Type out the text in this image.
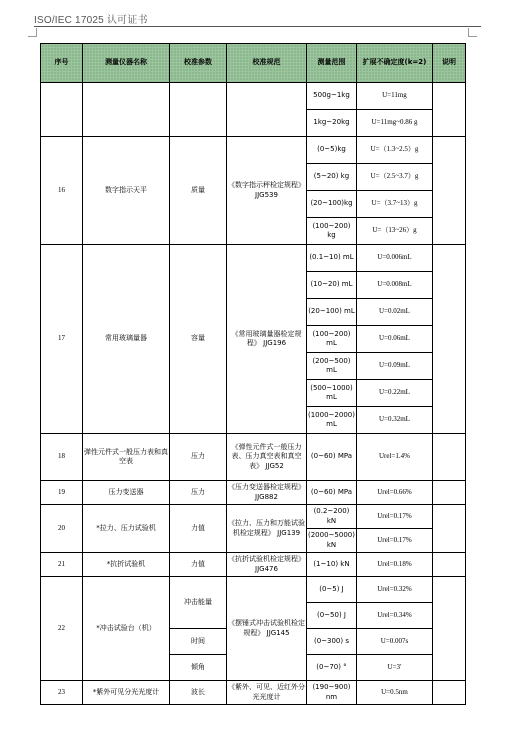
ISO/IEC 17025 认可证书
序号	测量仪器名称	校准参数	校准规范	测量范围	扩展不确定度(k=2)	说明
				500g~1kg	U=11mg	
				1kg~20kg	U=11mg~0.86 g	
16	数字指示天平	质量	《数字指示秤检定规程》 JJG539	(0~5)kg	U=（1.3~2.5）g	
				(5~20) kg	U=（2.5~3.7）g	
				(20~100)kg	U=（3.7~13）g	
				(100~200) kg	U=（13~26）g	
17	常用玻璃量器	容量	《常用玻璃量器检定规程》 JJG196	(0.1~10) mL	U=0.006mL	
				(10~20) mL	U=0.008mL	
				(20~100) mL	U=0.02mL	
				(100~200) mL	U=0.06mL	
				(200~500) mL	U=0.09mL	
				(500~1000) mL	U=0.22mL	
				(1000~2000) mL	U=0.32mL	
18	弹性元件式一般压力表和真空表	压力	《弹性元件式一般压力表、压力真空表和真空表》 JJG52	(0~60) MPa	Urel=1.4%	
19	压力变送器	压力	《压力变送器检定规程》 JJG882	(0~60) MPa	Urel=0.66%	
20	*拉力、压力试验机	力值	《拉力、压力和万能试验机检定规程》 JJG139	(0.2~200) kN	Urel=0.17%	
				(2000~5000) kN	Urel=0.17%	
21	*抗折试验机	力值	《抗折试验机检定规程》 JJG476	(1~10) kN	Urel=0.18%	
22	*冲击试验台（机）	冲击能量	《摆锤式冲击试验机检定规程》 JJG145	(0~5) J	Urel=0.32%	
				(0~50) J	Urel=0.34%	
		时间		(0~300) s	U=0.007s	
		倾角		(0~70) °	U=3′	
23	*紫外可见分光光度计	波长	《紫外、可见、近红外分光光度计	(190~900) nm	U=0.5nm	
